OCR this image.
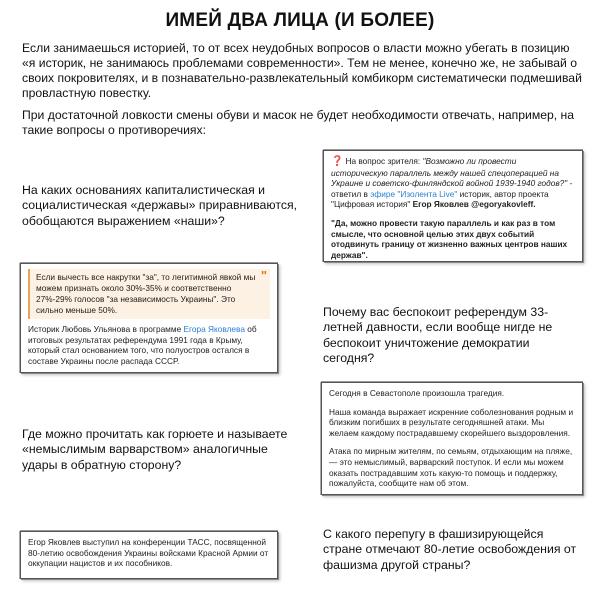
ИМЕЙ ДВА ЛИЦА (И БОЛЕЕ)

Если занимаешься историей, то от всех неудобных вопросов о власти можно убегать в позицию «я историк, не занимаюсь проблемами современности». Тем не менее, конечно же, не забывай о своих покровителях, и в познавательно-развлекательный комбикорм систематически подмешивай провластную повестку.

При достаточной ловкости смены обуви и масок не будет необходимости отвечать, например, на такие вопросы о противоречиях:

❓ На вопрос зрителя: "Возможно ли провести историческую параллель между нашей спецоперацией на Украине и советско-финляндской войной 1939-1940 годов?" - ответил в эфире "Изолента Live" историк, автор проекта "Цифровая история" Егор Яковлев @egoryakovleff.

"Да, можно провести такую параллель и как раз в том смысле, что основной целью этих двух событий отодвинуть границу от жизненно важных центров наших держав".

На каких основаниях капиталистическая и социалистическая «державы» приравниваются, обобщаются выражением «наши»?

Если вычесть все накрутки "за", то легитимной явкой мы можем признать около 30%-35% и соответственно 27%-29% голосов "за независимость Украины". Это сильно меньше 50%.
"

Историк Любовь Ульянова в программе Егора Яковлева об итоговых результатах референдума 1991 года в Крыму, который стал основанием того, что полуостров остался в составе Украины после распада СССР.

Почему вас беспокоит референдум 33-летней давности, если вообще нигде не беспокоит уничтожение демократии сегодня?

Сегодня в Севастополе произошла трагедия.

Наша команда выражает искренние соболезнования родным и близким погибших в результате сегодняшней атаки. Мы желаем каждому пострадавшему скорейшего выздоровления.

Атака по мирным жителям, по семьям, отдыхающим на пляже, — это немыслимый, варварский поступок. И если мы можем оказать пострадавшим хоть какую-то помощь и поддержку, пожалуйста, сообщите нам об этом.

Где можно прочитать как горюете и называете «немыслимым варварством» аналогичные удары в обратную сторону?

Егор Яковлев выступил на конференции ТАСС, посвященной 80-летию освобождения Украины войсками Красной Армии от оккупации нацистов и их пособников.

С какого перепугу в фашизирующейся стране отмечают 80-летие освобождения от фашизма другой страны?
